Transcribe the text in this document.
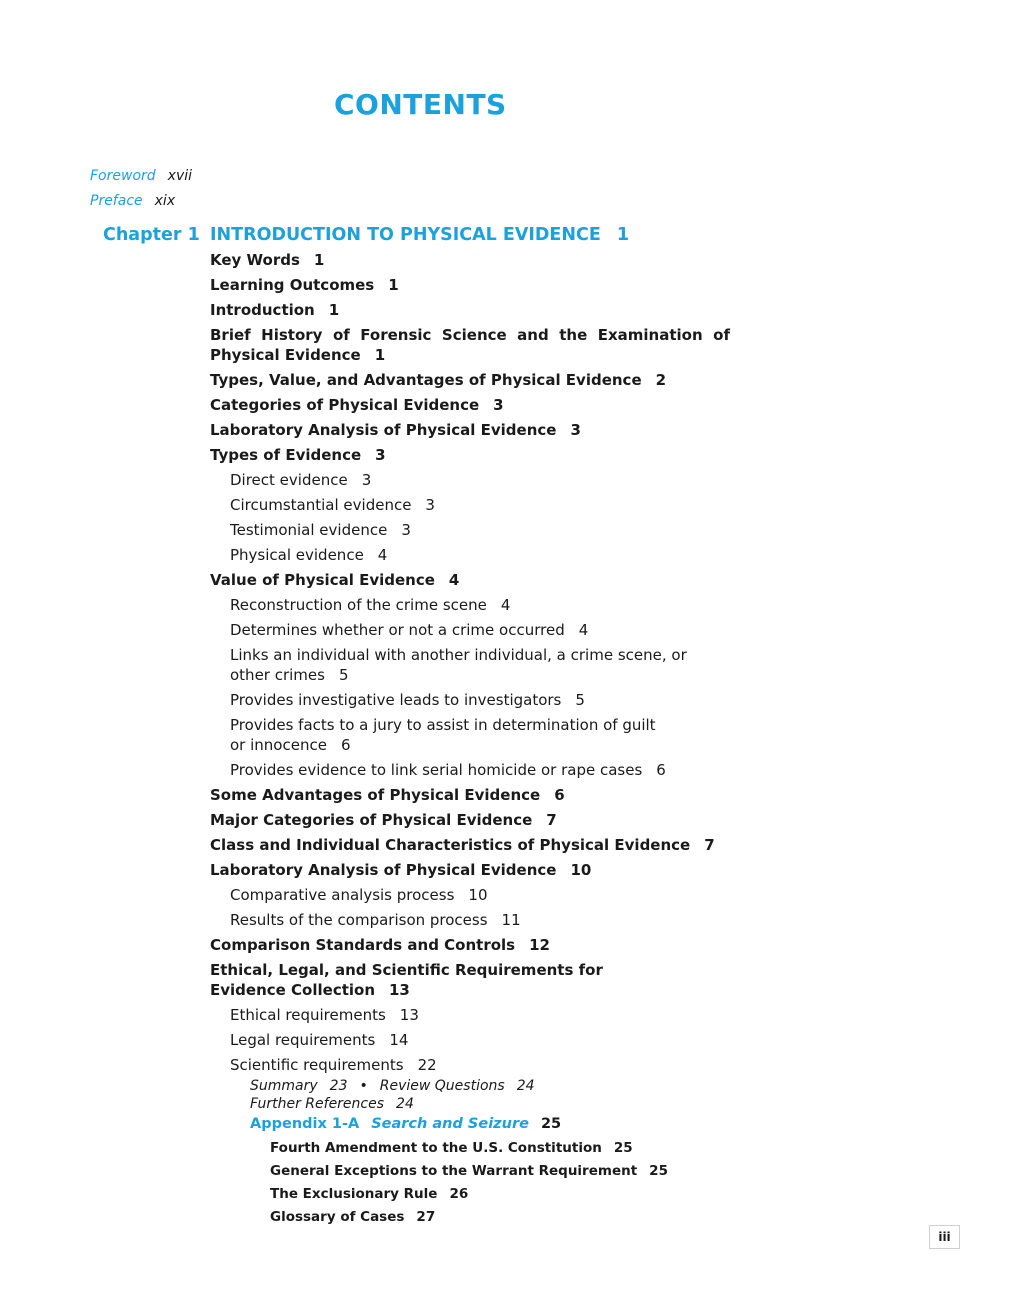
CONTENTS
Foreword xvii
Preface xix
Chapter 1 INTRODUCTION TO PHYSICAL EVIDENCE 1
Key Words 1
Learning Outcomes 1
Introduction 1
Brief History of Forensic Science and the Examination of Physical Evidence 1
Types, Value, and Advantages of Physical Evidence 2
Categories of Physical Evidence 3
Laboratory Analysis of Physical Evidence 3
Types of Evidence 3
Direct evidence 3
Circumstantial evidence 3
Testimonial evidence 3
Physical evidence 4
Value of Physical Evidence 4
Reconstruction of the crime scene 4
Determines whether or not a crime occurred 4
Links an individual with another individual, a crime scene, or other crimes 5
Provides investigative leads to investigators 5
Provides facts to a jury to assist in determination of guilt or innocence 6
Provides evidence to link serial homicide or rape cases 6
Some Advantages of Physical Evidence 6
Major Categories of Physical Evidence 7
Class and Individual Characteristics of Physical Evidence 7
Laboratory Analysis of Physical Evidence 10
Comparative analysis process 10
Results of the comparison process 11
Comparison Standards and Controls 12
Ethical, Legal, and Scientific Requirements for Evidence Collection 13
Ethical requirements 13
Legal requirements 14
Scientific requirements 22
Summary 23 • Review Questions 24
Further References 24
Appendix 1-A Search and Seizure 25
Fourth Amendment to the U.S. Constitution 25
General Exceptions to the Warrant Requirement 25
The Exclusionary Rule 26
Glossary of Cases 27
iii
